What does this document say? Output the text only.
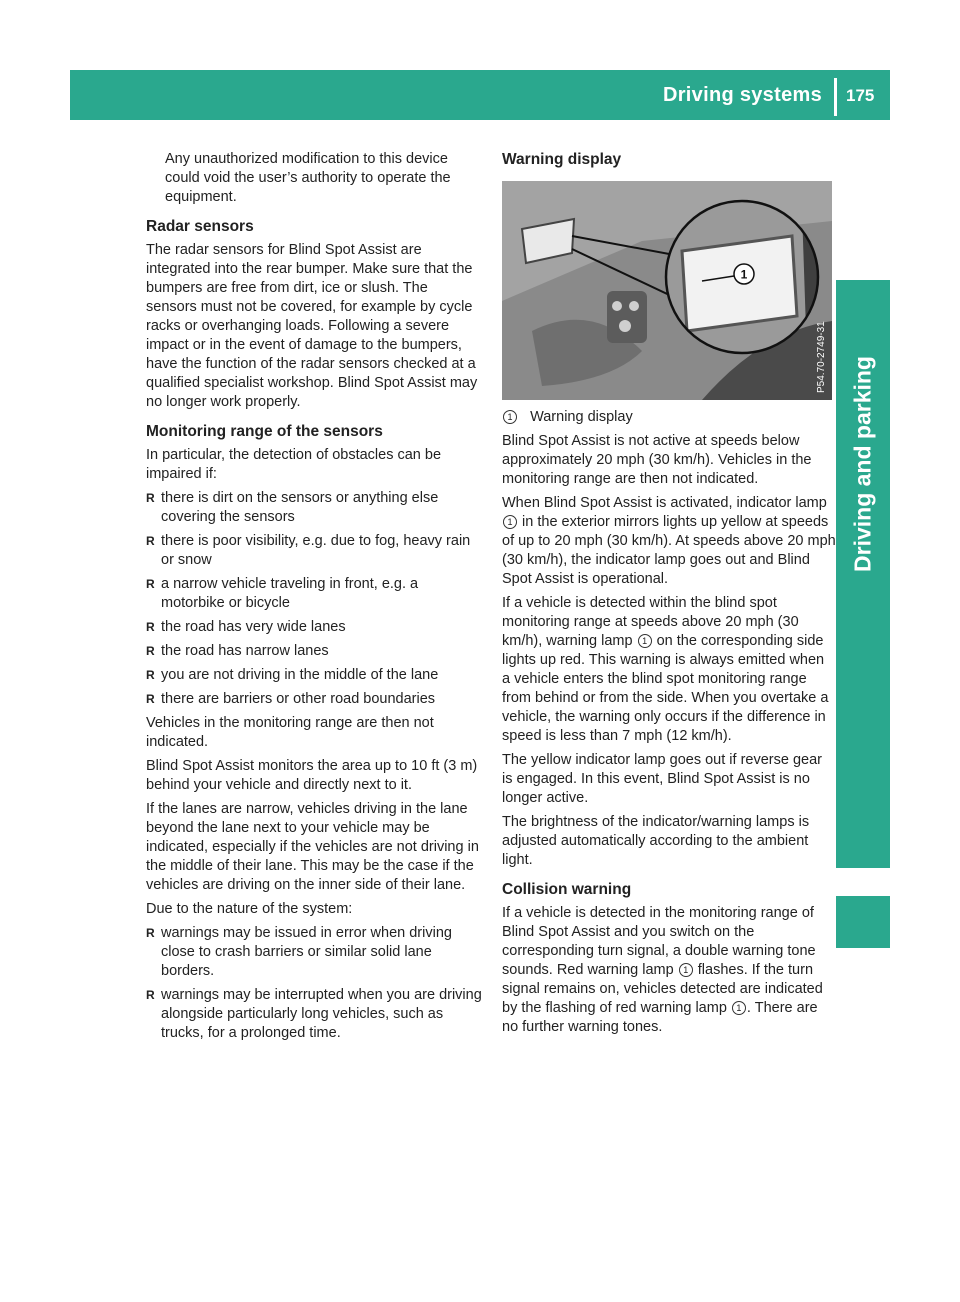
Driving systems 175
Driving and parking

Any unauthorized modification to this device could void the user’s authority to operate the equipment.

Radar sensors

The radar sensors for Blind Spot Assist are integrated into the rear bumper. Make sure that the bumpers are free from dirt, ice or slush. The sensors must not be covered, for example by cycle racks or overhanging loads. Following a severe impact or in the event of damage to the bumpers, have the function of the radar sensors checked at a qualified specialist workshop. Blind Spot Assist may no longer work properly.

Monitoring range of the sensors

In particular, the detection of obstacles can be impaired if:

R there is dirt on the sensors or anything else covering the sensors
R there is poor visibility, e.g. due to fog, heavy rain or snow
R a narrow vehicle traveling in front, e.g. a motorbike or bicycle
R the road has very wide lanes
R the road has narrow lanes
R you are not driving in the middle of the lane
R there are barriers or other road boundaries

Vehicles in the monitoring range are then not indicated.

Blind Spot Assist monitors the area up to 10 ft (3 m) behind your vehicle and directly next to it.

If the lanes are narrow, vehicles driving in the lane beyond the lane next to your vehicle may be indicated, especially if the vehicles are not driving in the middle of their lane. This may be the case if the vehicles are driving on the inner side of their lane.

Due to the nature of the system:

R warnings may be issued in error when driving close to crash barriers or similar solid lane borders.
R warnings may be interrupted when you are driving alongside particularly long vehicles, such as trucks, for a prolonged time.
Warning display
1
P54.70-2749-31

1 Warning display

Blind Spot Assist is not active at speeds below approximately 20 mph (30 km/h). Vehicles in the monitoring range are then not indicated.

When Blind Spot Assist is activated, indicator lamp 1 in the exterior mirrors lights up yellow at speeds of up to 20 mph (30 km/h). At speeds above 20 mph (30 km/h), the indicator lamp goes out and Blind Spot Assist is operational.

If a vehicle is detected within the blind spot monitoring range at speeds above 20 mph (30 km/h), warning lamp 1 on the corresponding side lights up red. This warning is always emitted when a vehicle enters the blind spot monitoring range from behind or from the side. When you overtake a vehicle, the warning only occurs if the difference in speed is less than 7 mph (12 km/h).

The yellow indicator lamp goes out if reverse gear is engaged. In this event, Blind Spot Assist is no longer active.

The brightness of the indicator/warning lamps is adjusted automatically according to the ambient light.

Collision warning

If a vehicle is detected in the monitoring range of Blind Spot Assist and you switch on the corresponding turn signal, a double warning tone sounds. Red warning lamp 1 flashes. If the turn signal remains on, vehicles detected are indicated by the flashing of red warning lamp 1 . There are no further warning tones.
